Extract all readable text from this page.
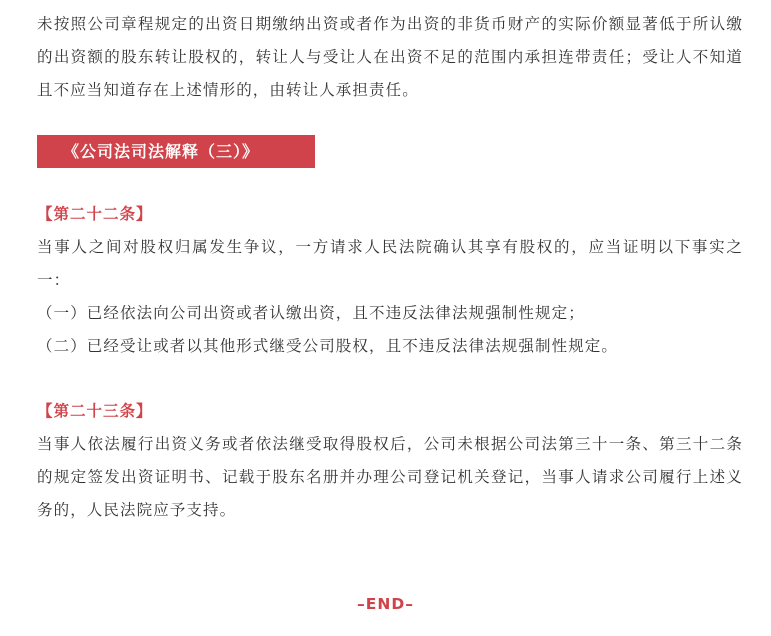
未按照公司章程规定的出资日期缴纳出资或者作为出资的非货币财产的实际价额显著低于所认缴的出资额的股东转让股权的，转让人与受让人在出资不足的范围内承担连带责任；受让人不知道且不应当知道存在上述情形的，由转让人承担责任。

《公司法司法解释（三）》

【第二十二条】

当事人之间对股权归属发生争议，一方请求人民法院确认其享有股权的，应当证明以下事实之一：

（一）已经依法向公司出资或者认缴出资，且不违反法律法规强制性规定；

（二）已经受让或者以其他形式继受公司股权，且不违反法律法规强制性规定。

【第二十三条】

当事人依法履行出资义务或者依法继受取得股权后，公司未根据公司法第三十一条、第三十二条的规定签发出资证明书、记载于股东名册并办理公司登记机关登记，当事人请求公司履行上述义务的，人民法院应予支持。

–END–
